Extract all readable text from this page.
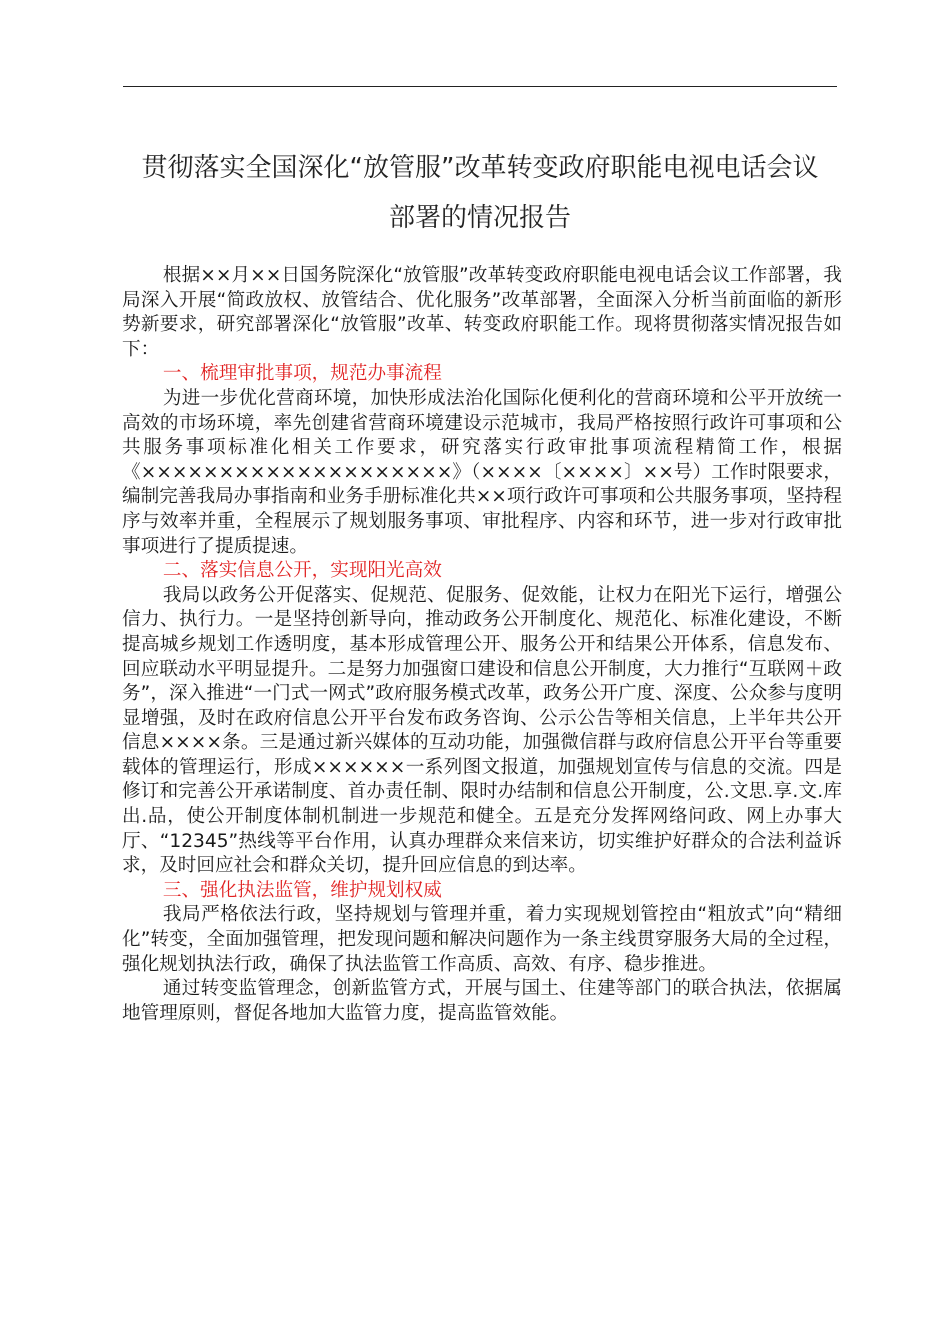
贯彻落实全国深化“放管服”改革转变政府职能电视电话会议
部署的情况报告

根据××月××日国务院深化“放管服”改革转变政府职能电视电话会议工作部署，我局深入开展“简政放权、放管结合、优化服务”改革部署，全面深入分析当前面临的新形势新要求，研究部署深化“放管服”改革、转变政府职能工作。现将贯彻落实情况报告如下：

一、梳理审批事项，规范办事流程

为进一步优化营商环境，加快形成法治化国际化便利化的营商环境和公平开放统一高效的市场环境，率先创建省营商环境建设示范城市，我局严格按照行政许可事项和公共服务事项标准化相关工作要求，研究落实行政审批事项流程精简工作，根据《××××××××××××××××××××》（××××〔××××〕××号）工作时限要求，编制完善我局办事指南和业务手册标准化共××项行政许可事项和公共服务事项，坚持程序与效率并重，全程展示了规划服务事项、审批程序、内容和环节，进一步对行政审批事项进行了提质提速。

二、落实信息公开，实现阳光高效

我局以政务公开促落实、促规范、促服务、促效能，让权力在阳光下运行，增强公信力、执行力。一是坚持创新导向，推动政务公开制度化、规范化、标准化建设，不断提高城乡规划工作透明度，基本形成管理公开、服务公开和结果公开体系，信息发布、回应联动水平明显提升。二是努力加强窗口建设和信息公开制度，大力推行“互联网＋政务”，深入推进“一门式一网式”政府服务模式改革，政务公开广度、深度、公众参与度明显增强，及时在政府信息公开平台发布政务咨询、公示公告等相关信息，上半年共公开信息××××条。三是通过新兴媒体的互动功能，加强微信群与政府信息公开平台等重要载体的管理运行，形成××××××一系列图文报道，加强规划宣传与信息的交流。四是修订和完善公开承诺制度、首办责任制、限时办结制和信息公开制度，公.文思.享.文.库出.品，使公开制度体制机制进一步规范和健全。五是充分发挥网络问政、网上办事大厅、“12345”热线等平台作用，认真办理群众来信来访，切实维护好群众的合法利益诉求，及时回应社会和群众关切，提升回应信息的到达率。

三、强化执法监管，维护规划权威

我局严格依法行政，坚持规划与管理并重，着力实现规划管控由“粗放式”向“精细化”转变，全面加强管理，把发现问题和解决问题作为一条主线贯穿服务大局的全过程，强化规划执法行政，确保了执法监管工作高质、高效、有序、稳步推进。

通过转变监管理念，创新监管方式，开展与国土、住建等部门的联合执法，依据属地管理原则，督促各地加大监管力度，提高监管效能。
